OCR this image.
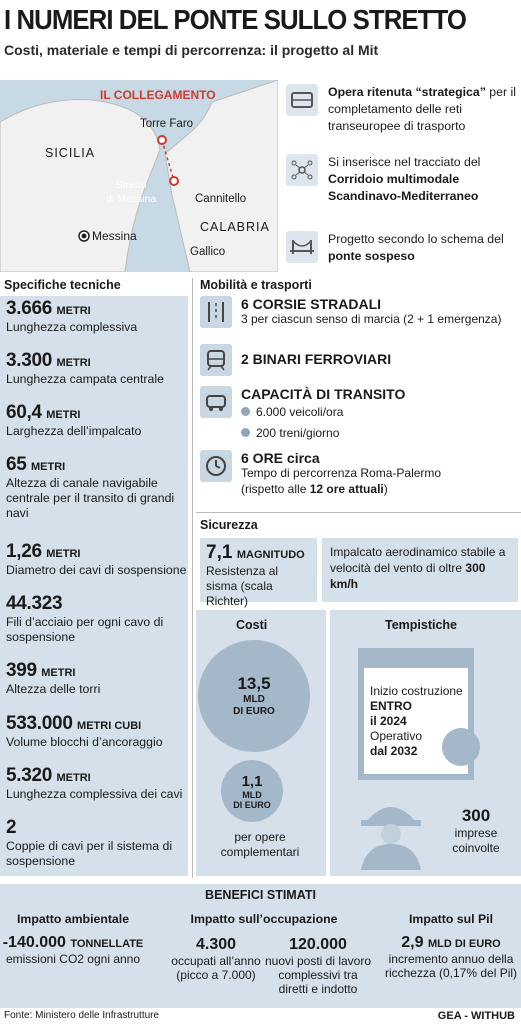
I NUMERI DEL PONTE SULLO STRETTO
Costi, materiale e tempi di percorrenza: il progetto al Mit
IL COLLEGAMENTO
SICILIA
CALABRIA
Torre Faro
Stretto
di Messina	Cannitello
Messina
Gallico
Opera ritenuta “strategica” per il completamento delle reti transeuropee di trasporto
Si inserisce nel tracciato del Corridoio multimodale Scandinavo-Mediterraneo
Progetto secondo lo schema del ponte sospeso
Specifiche tecniche
3.666 METRI
Lunghezza complessiva
3.300 METRI
Lunghezza campata centrale
60,4 METRI
Larghezza dell’impalcato
65 METRI
Altezza di canale navigabile centrale per il transito di grandi navi
1,26 METRI
Diametro dei cavi di sospensione
44.323
Fili d’acciaio per ogni cavo di sospensione
399 METRI
Altezza delle torri
533.000 METRI CUBI
Volume blocchi d’ancoraggio
5.320 METRI
Lunghezza complessiva dei cavi
2
Coppie di cavi per il sistema di sospensione
Mobilità e trasporti
6 CORSIE STRADALI
3 per ciascun senso di marcia (2 + 1 emergenza)
2 BINARI FERROVIARI
CAPACITÀ DI TRANSITO
6.000 veicoli/ora
200 treni/giorno
6 ORE circa
Tempo di percorrenza Roma-Palermo
(rispetto alle 12 ore attuali)
Sicurezza
7,1 MAGNITUDO
Resistenza al sisma (scala Richter)
Impalcato aerodinamico stabile a velocità del vento di oltre 300 km/h
Costi
13,5
MLD
DI EURO
1,1
MLD
DI EURO
per opere complementari
Tempistiche
Inizio costruzione
ENTRO
il 2024
Operativo
dal 2032
300
imprese coinvolte
BENEFICI STIMATI
Impatto ambientale
-140.000 TONNELLATE
emissioni CO2 ogni anno
Impatto sull’occupazione
4.300
occupati all’anno (picco a 7.000)
120.000
nuovi posti di lavoro complessivi tra diretti e indotto
Impatto sul Pil
2,9 MLD DI EURO
incremento annuo della ricchezza (0,17% del Pil)
Fonte: Ministero delle Infrastrutture	GEA - WITHUB
